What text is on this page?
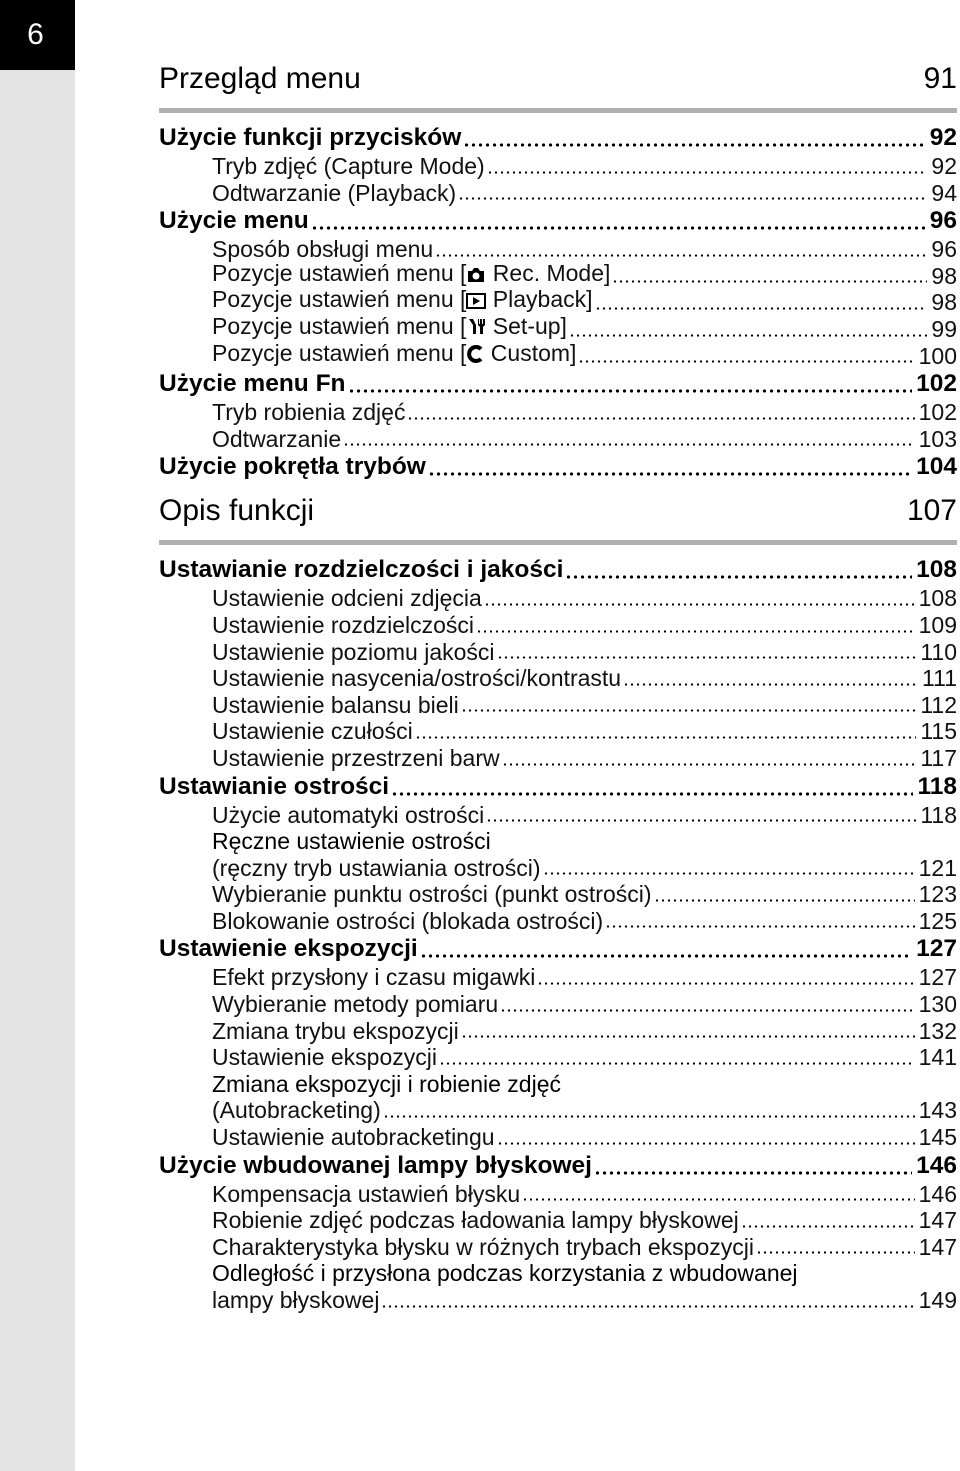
6
Przegląd menu	91
Użycie funkcji przycisków	92
Tryb zdjęć (Capture Mode)	92
Odtwarzanie (Playback)	94
Użycie menu	96
Sposób obsługi menu	96
Pozycje ustawień menu [ Rec. Mode]	98
Pozycje ustawień menu [ Playback]	98
Pozycje ustawień menu [ Set-up]	99
Pozycje ustawień menu [ Custom]	100
Użycie menu Fn	102
Tryb robienia zdjęć	102
Odtwarzanie	103
Użycie pokrętła trybów	104
Opis funkcji	107
Ustawianie rozdzielczości i jakości	108
Ustawienie odcieni zdjęcia	108
Ustawienie rozdzielczości	109
Ustawienie poziomu jakości	110
Ustawienie nasycenia/ostrości/kontrastu	111
Ustawienie balansu bieli	112
Ustawienie czułości	115
Ustawienie przestrzeni barw	117
Ustawianie ostrości	118
Użycie automatyki ostrości	118
Ręczne ustawienie ostrości
(ręczny tryb ustawiania ostrości)	121
Wybieranie punktu ostrości (punkt ostrości)	123
Blokowanie ostrości (blokada ostrości)	125
Ustawienie ekspozycji	127
Efekt przysłony i czasu migawki	127
Wybieranie metody pomiaru	130
Zmiana trybu ekspozycji	132
Ustawienie ekspozycji	141
Zmiana ekspozycji i robienie zdjęć
(Autobracketing)	143
Ustawienie autobracketingu	145
Użycie wbudowanej lampy błyskowej	146
Kompensacja ustawień błysku	146
Robienie zdjęć podczas ładowania lampy błyskowej	147
Charakterystyka błysku w różnych trybach ekspozycji	147
Odległość i przysłona podczas korzystania z wbudowanej
lampy błyskowej	149
